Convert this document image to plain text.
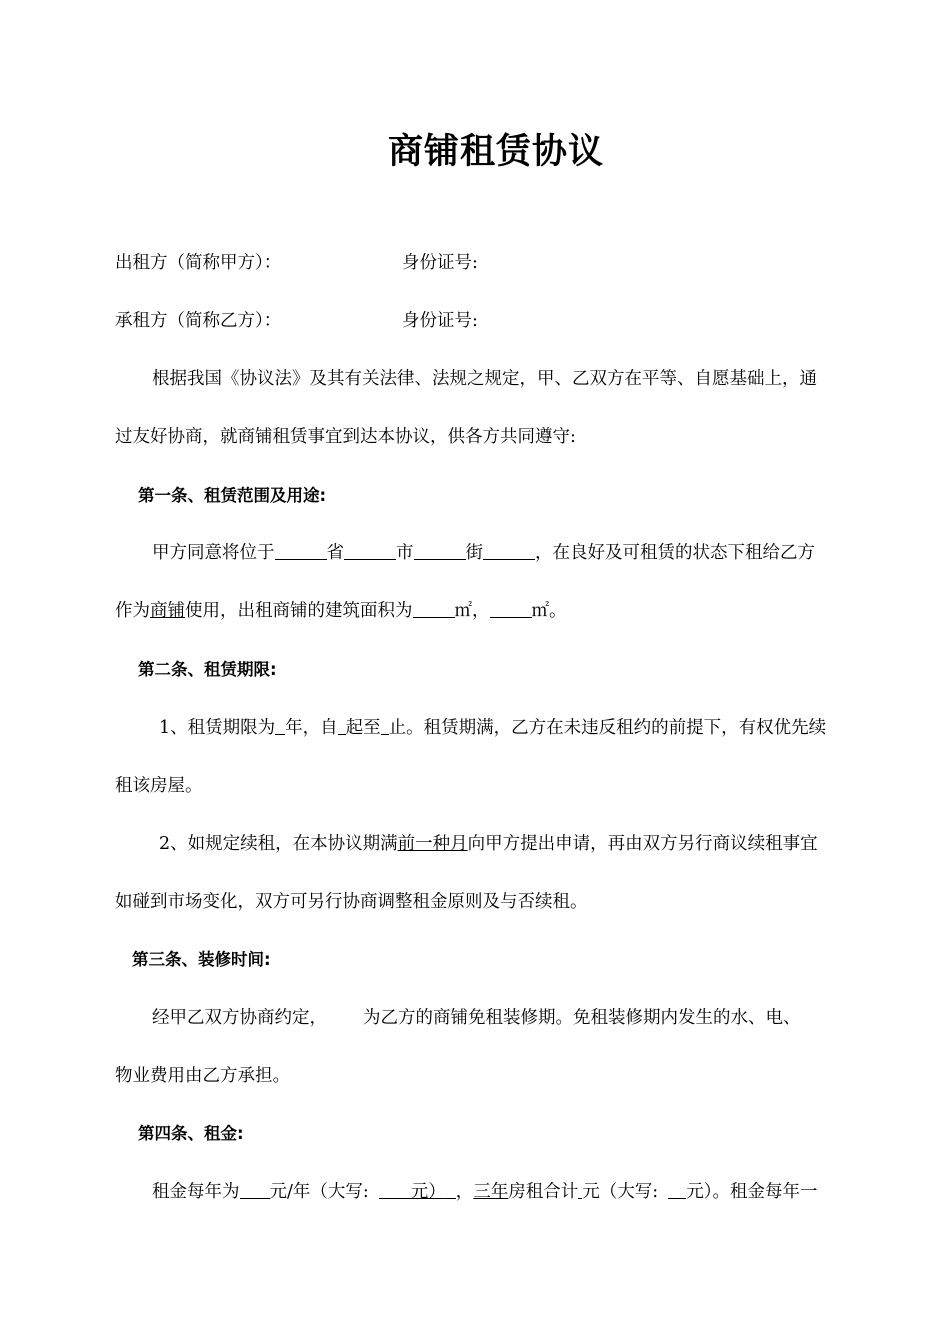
商铺租赁协议

出租方（简称甲方）：	身份证号:

承租方（简称乙方）：	身份证号:

根据我国《协议法》及其有关法律、法规之规定，甲、乙双方在平等、自愿基础上，通

过友好协商，就商铺租赁事宜到达本协议，供各方共同遵守:

第一条、租赁范围及用途:

甲方同意将位于	省	市	街	，在良好及可租赁的状态下租给乙方

作为商铺使用，出租商铺的建筑面积为 ㎡， ㎡。

第二条、租赁期限:

1、租赁期限为 年，自 起至 止。租赁期满，乙方在未违反租约的前提下，有权优先续

租该房屋。

2、如规定续租，在本协议期满前一种月向甲方提出申请，再由双方另行商议续租事宜

如碰到市场变化，双方可另行协商调整租金原则及与否续租。

第三条、装修时间:

经甲乙双方协商约定， 为乙方的商铺免租装修期。免租装修期内发生的水、电、

物业费用由乙方承担。

第四条、租金:

租金每年为 元/年（大写: 元） ，三年房租合计 元（大写: 元）。租金每年一
